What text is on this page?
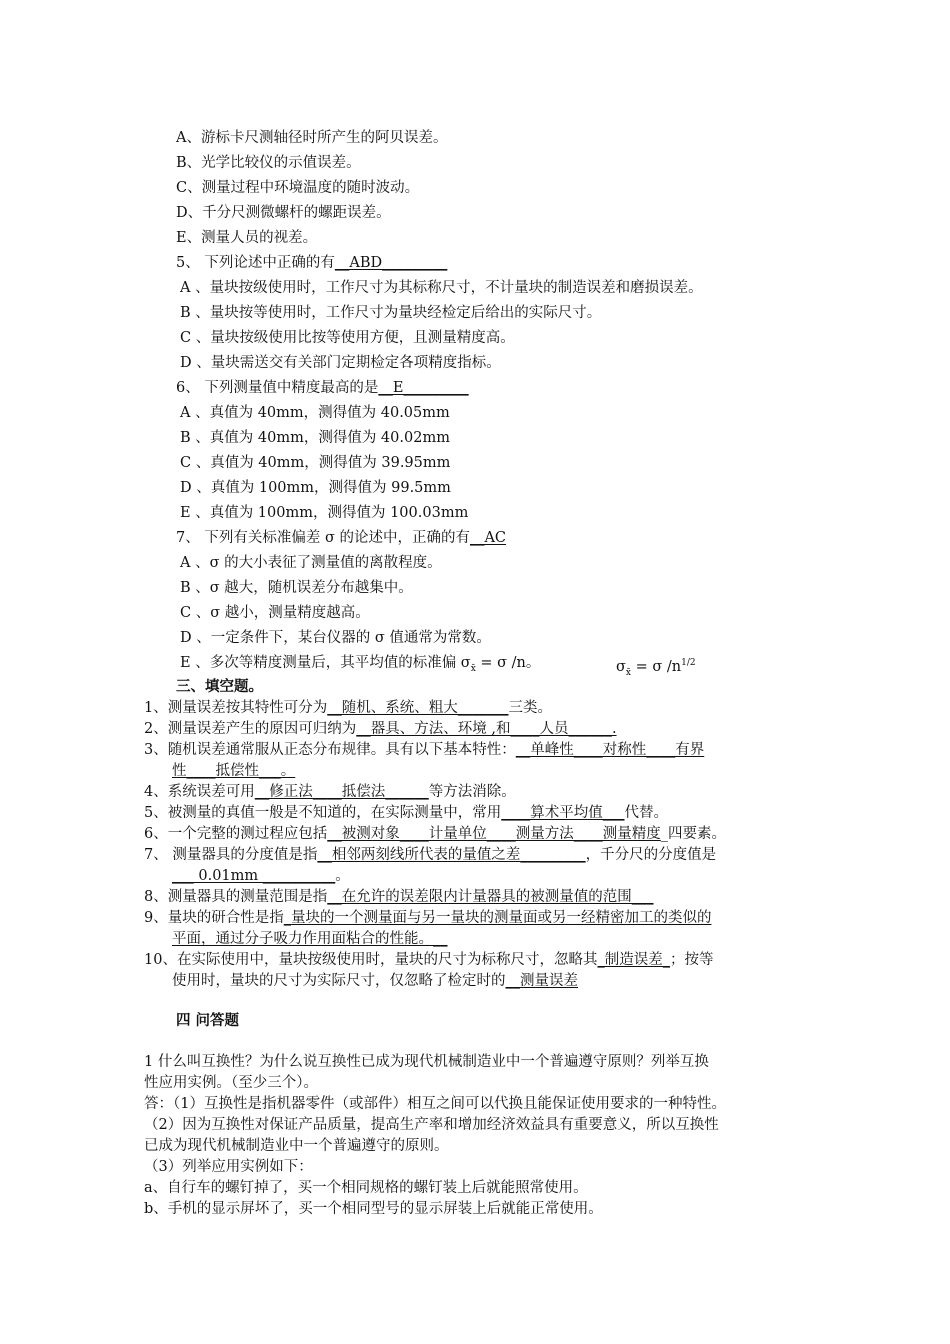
A、游标卡尺测轴径时所产生的阿贝误差。
B、光学比较仪的示值误差。
C、测量过程中环境温度的随时波动。
D、千分尺测微螺杆的螺距误差。
E、测量人员的视差。
5、 下列论述中正确的有__ABD_________
A 、量块按级使用时，工作尺寸为其标称尺寸，不计量块的制造误差和磨损误差。
B 、量块按等使用时，工作尺寸为量块经检定后给出的实际尺寸。
C 、量块按级使用比按等使用方便，且测量精度高。
D 、量块需送交有关部门定期检定各项精度指标。
6、 下列测量值中精度最高的是__E_________
A 、真值为 40mm，测得值为 40.05mm
B 、真值为 40mm，测得值为 40.02mm
C 、真值为 40mm，测得值为 39.95mm
D 、真值为 100mm，测得值为 99.5mm
E 、真值为 100mm，测得值为 100.03mm
7、 下列有关标准偏差 σ 的论述中，正确的有__AC
A 、σ 的大小表征了测量值的离散程度。
B 、σ 越大，随机误差分布越集中。
C 、σ 越小，测量精度越高。
D 、一定条件下，某台仪器的 σ 值通常为常数。
E 、多次等精度测量后，其平均值的标准偏 $\sigma_{x̄} = \sigma$ /n。	$\sigma_{x̄} = \sigma$ $/n^{1/2}$
三、填空题。
1、测量误差按其特性可分为__随机、系统、粗大_______三类。
2、测量误差产生的原因可归纳为__器具、方法、环境 ,和____人员______.
3、随机误差通常服从正态分布规律。具有以下基本特性：__单峰性____对称性____有界
性____抵偿性___。
4、系统误差可用__修正法____抵偿法______等方法消除。
5、被测量的真值一般是不知道的，在实际测量中，常用____算术平均值___代替。
6、一个完整的测过程应包括__被测对象____计量单位____测量方法____测量精度_四要素。
7、 测量器具的分度值是指__相邻两刻线所代表的量值之差_________，千分尺的分度值是
___ 0.01mm __________。
8、测量器具的测量范围是指__在允许的误差限内计量器具的被测量值的范围___
9、量块的研合性是指_量块的一个测量面与另一量块的测量面或另一经精密加工的类似的
平面，通过分子吸力作用面粘合的性能。__
10、在实际使用中，量块按级使用时，量块的尺寸为标称尺寸，忽略其_制造误差_；按等
使用时，量块的尺寸为实际尺寸，仅忽略了检定时的__测量误差
四 问答题
1 什么叫互换性？为什么说互换性已成为现代机械制造业中一个普遍遵守原则？列举互换
性应用实例。（至少三个）。
答：（1）互换性是指机器零件（或部件）相互之间可以代换且能保证使用要求的一种特性。
（2）因为互换性对保证产品质量，提高生产率和增加经济效益具有重要意义，所以互换性
已成为现代机械制造业中一个普遍遵守的原则。
（3）列举应用实例如下：
a、自行车的螺钉掉了，买一个相同规格的螺钉装上后就能照常使用。
b、手机的显示屏坏了，买一个相同型号的显示屏装上后就能正常使用。
